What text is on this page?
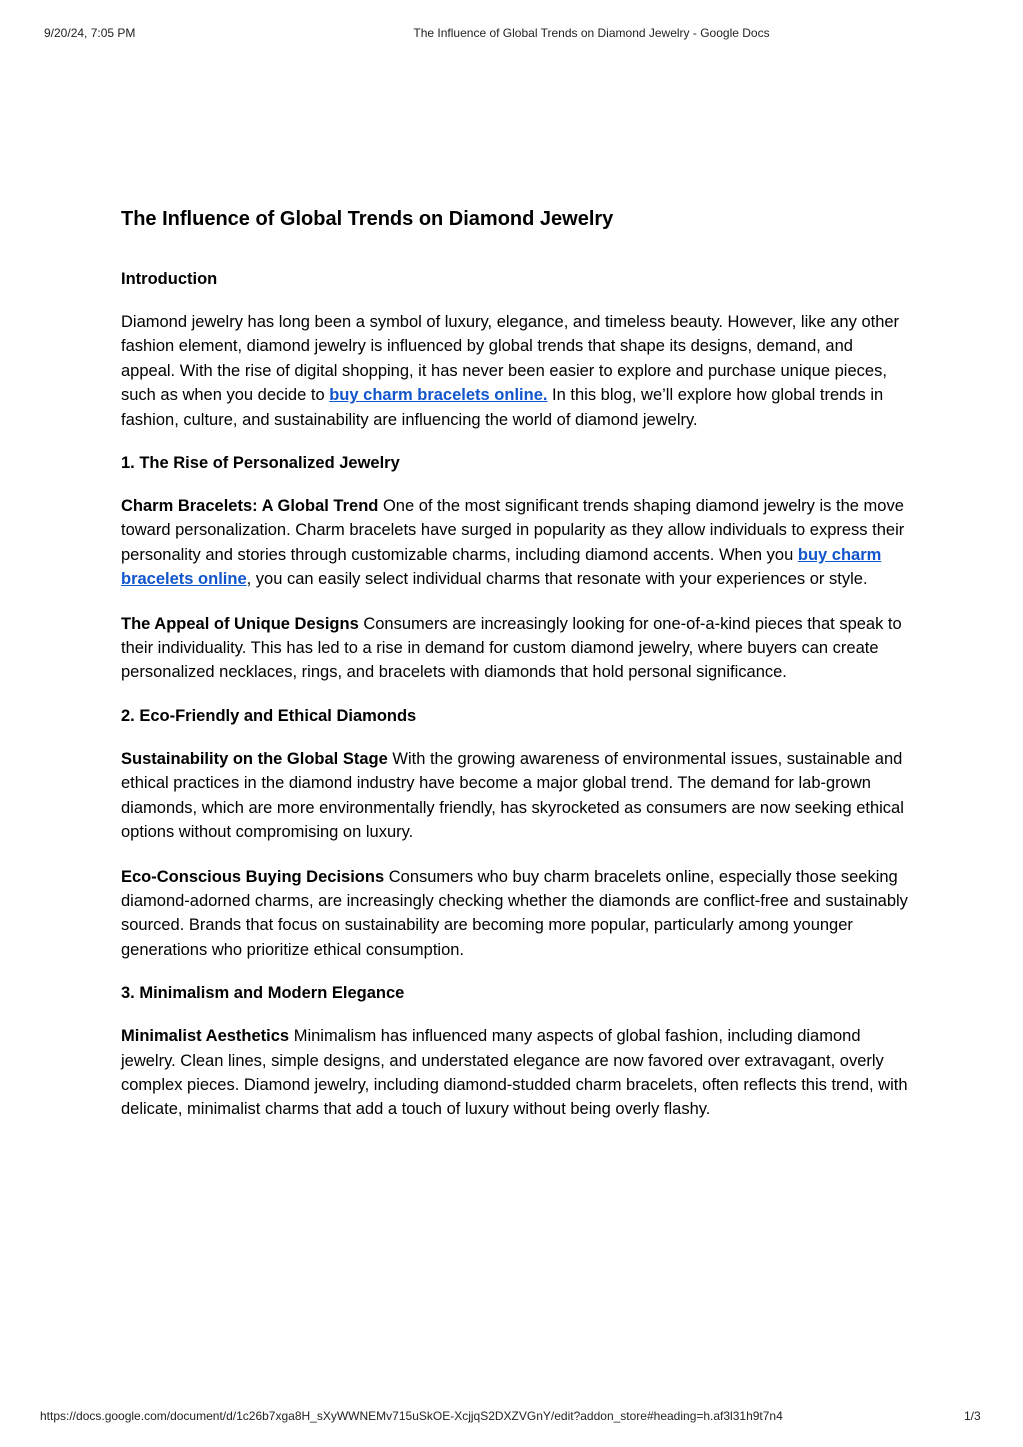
9/20/24, 7:05 PM	The Influence of Global Trends on Diamond Jewelry - Google Docs
The Influence of Global Trends on Diamond Jewelry
Introduction

Diamond jewelry has long been a symbol of luxury, elegance, and timeless beauty. However, like any other fashion element, diamond jewelry is influenced by global trends that shape its designs, demand, and appeal. With the rise of digital shopping, it has never been easier to explore and purchase unique pieces, such as when you decide to buy charm bracelets online. In this blog, we’ll explore how global trends in fashion, culture, and sustainability are influencing the world of diamond jewelry.

1. The Rise of Personalized Jewelry

Charm Bracelets: A Global Trend One of the most significant trends shaping diamond jewelry is the move toward personalization. Charm bracelets have surged in popularity as they allow individuals to express their personality and stories through customizable charms, including diamond accents. When you buy charm bracelets online, you can easily select individual charms that resonate with your experiences or style.

The Appeal of Unique Designs Consumers are increasingly looking for one-of-a-kind pieces that speak to their individuality. This has led to a rise in demand for custom diamond jewelry, where buyers can create personalized necklaces, rings, and bracelets with diamonds that hold personal significance.

2. Eco-Friendly and Ethical Diamonds

Sustainability on the Global Stage With the growing awareness of environmental issues, sustainable and ethical practices in the diamond industry have become a major global trend. The demand for lab-grown diamonds, which are more environmentally friendly, has skyrocketed as consumers are now seeking ethical options without compromising on luxury.

Eco-Conscious Buying Decisions Consumers who buy charm bracelets online, especially those seeking diamond-adorned charms, are increasingly checking whether the diamonds are conflict-free and sustainably sourced. Brands that focus on sustainability are becoming more popular, particularly among younger generations who prioritize ethical consumption.

3. Minimalism and Modern Elegance

Minimalist Aesthetics Minimalism has influenced many aspects of global fashion, including diamond jewelry. Clean lines, simple designs, and understated elegance are now favored over extravagant, overly complex pieces. Diamond jewelry, including diamond-studded charm bracelets, often reflects this trend, with delicate, minimalist charms that add a touch of luxury without being overly flashy.

https://docs.google.com/document/d/1c26b7xga8H_sXyWWNEMv715uSkOE-XcjjqS2DXZVGnY/edit?addon_store#heading=h.af3l31h9t7n4	1/3
